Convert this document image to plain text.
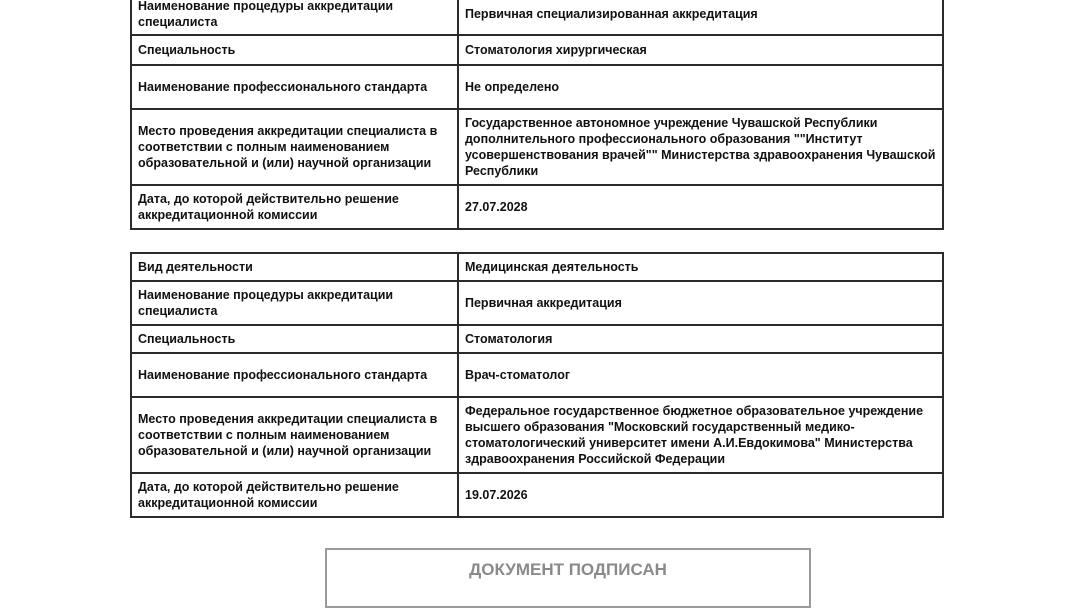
Наименование процедуры аккредитации специалиста	Первичная специализированная аккредитация
Специальность	Стоматология хирургическая
Наименование профессионального стандарта	Не определено
Место проведения аккредитации специалиста в соответствии с полным наименованием образовательной и (или) научной организации	Государственное автономное учреждение Чувашской Республики дополнительного профессионального образования ""Институт усовершенствования врачей"" Министерства здравоохранения Чувашской Республики
Дата, до которой действительно решение аккредитационной комиссии	27.07.2028
Вид деятельности	Медицинская деятельность
Наименование процедуры аккредитации специалиста	Первичная аккредитация
Специальность	Стоматология
Наименование профессионального стандарта	Врач-стоматолог
Место проведения аккредитации специалиста в соответствии с полным наименованием образовательной и (или) научной организации	Федеральное государственное бюджетное образовательное учреждение высшего образования "Московский государственный медико-стоматологический университет имени А.И.Евдокимова" Министерства здравоохранения Российской Федерации
Дата, до которой действительно решение аккредитационной комиссии	19.07.2026
ДОКУМЕНТ ПОДПИСАН
